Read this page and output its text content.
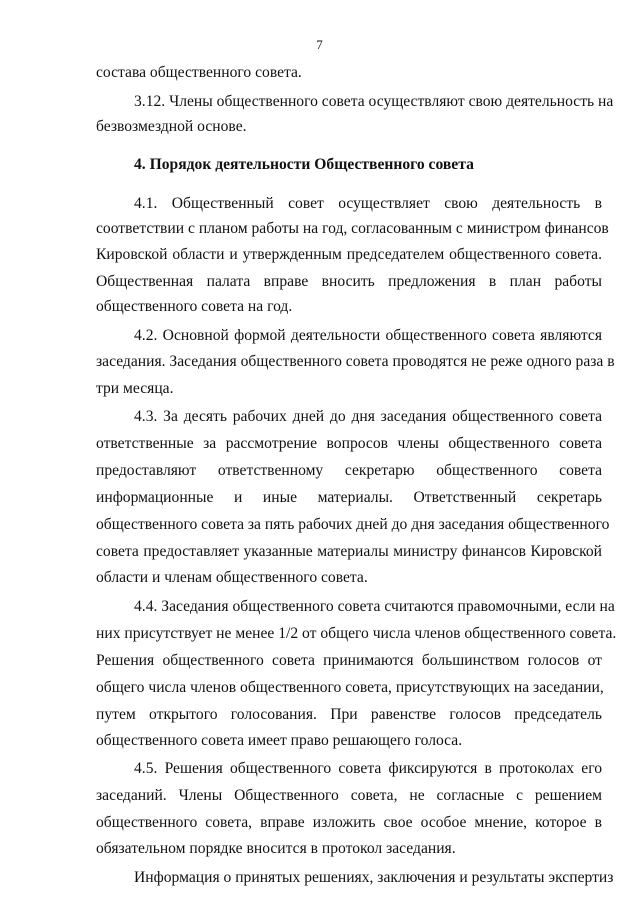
7
состава общественного совета.
3.12. Члены общественного совета осуществляют свою деятельность на
безвозмездной основе.
4. Порядок деятельности Общественного совета
4.1. Общественный совет осуществляет свою деятельность в
соответствии с планом работы на год, согласованным с министром финансов
Кировской области и утвержденным председателем общественного совета.
Общественная палата вправе вносить предложения в план работы
общественного совета на год.
4.2. Основной формой деятельности общественного совета являются
заседания. Заседания общественного совета проводятся не реже одного раза в
три месяца.
4.3. За десять рабочих дней до дня заседания общественного совета
ответственные за рассмотрение вопросов члены общественного совета
предоставляют ответственному секретарю общественного совета
информационные и иные материалы. Ответственный секретарь
общественного совета за пять рабочих дней до дня заседания общественного
совета предоставляет указанные материалы министру финансов Кировской
области и членам общественного совета.
4.4. Заседания общественного совета считаются правомочными, если на
них присутствует не менее 1/2 от общего числа членов общественного совета.
Решения общественного совета принимаются большинством голосов от
общего числа членов общественного совета, присутствующих на заседании,
путем открытого голосования. При равенстве голосов председатель
общественного совета имеет право решающего голоса.
4.5. Решения общественного совета фиксируются в протоколах его
заседаний. Члены Общественного совета, не согласные с решением
общественного совета, вправе изложить свое особое мнение, которое в
обязательном порядке вносится в протокол заседания.
Информация о принятых решениях, заключения и результаты экспертиз
